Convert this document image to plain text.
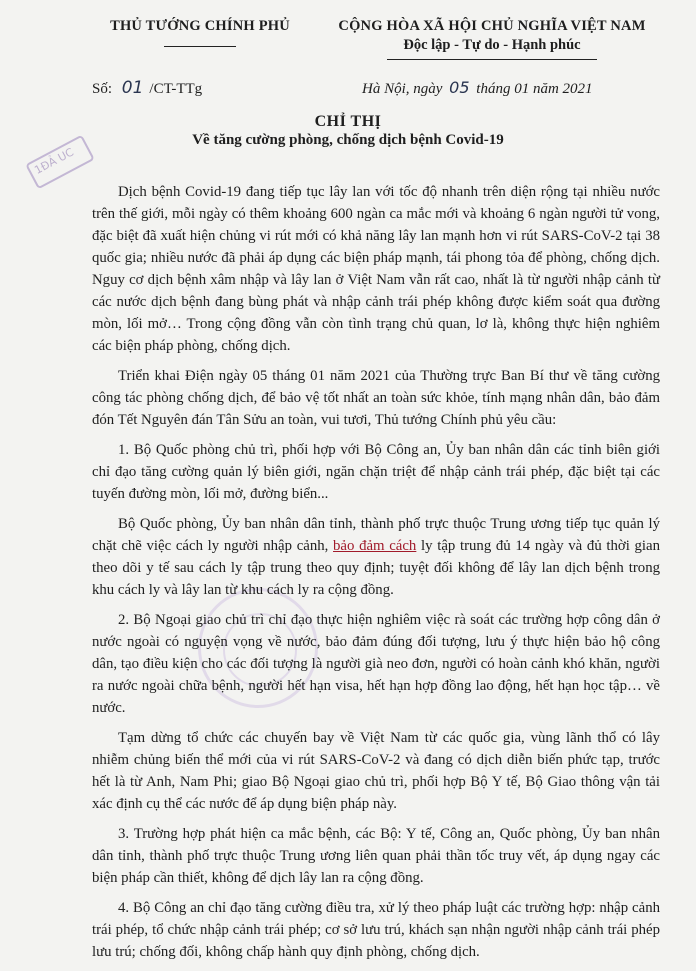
THỦ TƯỚNG CHÍNH PHỦ	CỘNG HÒA XÃ HỘI CHỦ NGHĨA VIỆT NAM
Độc lập - Tự do - Hạnh phúc
Số: 01 /CT-TTg	Hà Nội, ngày 05 tháng 01 năm 2021
1ĐẢ UC
CHỈ THỊ
Về tăng cường phòng, chống dịch bệnh Covid-19

Dịch bệnh Covid-19 đang tiếp tục lây lan với tốc độ nhanh trên diện rộng tại nhiều nước trên thế giới, mỗi ngày có thêm khoảng 600 ngàn ca mắc mới và khoảng 6 ngàn người tử vong, đặc biệt đã xuất hiện chủng vi rút mới có khả năng lây lan mạnh hơn vi rút SARS-CoV-2 tại 38 quốc gia; nhiều nước đã phải áp dụng các biện pháp mạnh, tái phong tỏa để phòng, chống dịch. Nguy cơ dịch bệnh xâm nhập và lây lan ở Việt Nam vẫn rất cao, nhất là từ người nhập cảnh từ các nước dịch bệnh đang bùng phát và nhập cảnh trái phép không được kiểm soát qua đường mòn, lối mở… Trong cộng đồng vẫn còn tình trạng chủ quan, lơ là, không thực hiện nghiêm các biện pháp phòng, chống dịch.

Triển khai Điện ngày 05 tháng 01 năm 2021 của Thường trực Ban Bí thư về tăng cường công tác phòng chống dịch, để bảo vệ tốt nhất an toàn sức khỏe, tính mạng nhân dân, bảo đảm đón Tết Nguyên đán Tân Sửu an toàn, vui tươi, Thủ tướng Chính phủ yêu cầu:

1. Bộ Quốc phòng chủ trì, phối hợp với Bộ Công an, Ủy ban nhân dân các tỉnh biên giới chỉ đạo tăng cường quản lý biên giới, ngăn chặn triệt để nhập cảnh trái phép, đặc biệt tại các tuyến đường mòn, lối mở, đường biển...

Bộ Quốc phòng, Ủy ban nhân dân tỉnh, thành phố trực thuộc Trung ương tiếp tục quản lý chặt chẽ việc cách ly người nhập cảnh, bảo đảm cách ly tập trung đủ 14 ngày và đủ thời gian theo dõi y tế sau cách ly tập trung theo quy định; tuyệt đối không để lây lan dịch bệnh trong khu cách ly và lây lan từ khu cách ly ra cộng đồng.

2. Bộ Ngoại giao chủ trì chỉ đạo thực hiện nghiêm việc rà soát các trường hợp công dân ở nước ngoài có nguyện vọng về nước, bảo đảm đúng đối tượng, lưu ý thực hiện bảo hộ công dân, tạo điều kiện cho các đối tượng là người già neo đơn, người có hoàn cảnh khó khăn, người ra nước ngoài chữa bệnh, người hết hạn visa, hết hạn hợp đồng lao động, hết hạn học tập… về nước.

Tạm dừng tổ chức các chuyến bay về Việt Nam từ các quốc gia, vùng lãnh thổ có lây nhiễm chủng biến thể mới của vi rút SARS-CoV-2 và đang có dịch diễn biến phức tạp, trước hết là từ Anh, Nam Phi; giao Bộ Ngoại giao chủ trì, phối hợp Bộ Y tế, Bộ Giao thông vận tải xác định cụ thể các nước để áp dụng biện pháp này.

3. Trường hợp phát hiện ca mắc bệnh, các Bộ: Y tế, Công an, Quốc phòng, Ủy ban nhân dân tỉnh, thành phố trực thuộc Trung ương liên quan phải thần tốc truy vết, áp dụng ngay các biện pháp cần thiết, không để dịch lây lan ra cộng đồng.

4. Bộ Công an chỉ đạo tăng cường điều tra, xử lý theo pháp luật các trường hợp: nhập cảnh trái phép, tổ chức nhập cảnh trái phép; cơ sở lưu trú, khách sạn nhận người nhập cảnh trái phép lưu trú; chống đối, không chấp hành quy định phòng, chống dịch.
